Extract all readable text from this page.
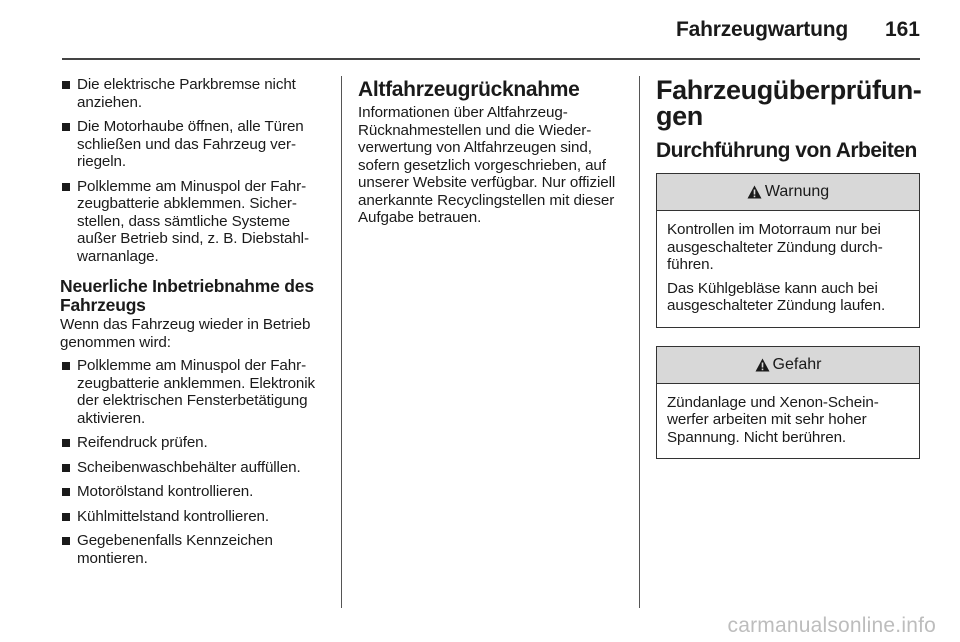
Fahrzeugwartung	161
Die elektrische Parkbremse nicht anziehen.
Die Motorhaube öffnen, alle Türen schließen und das Fahrzeug verriegeln.
Polklemme am Minuspol der Fahrzeugbatterie abklemmen. Sicherstellen, dass sämtliche Systeme außer Betrieb sind, z. B. Diebstahlwarnanlage.
Neuerliche Inbetriebnahme des Fahrzeugs

Wenn das Fahrzeug wieder in Betrieb genommen wird:

Polklemme am Minuspol der Fahrzeugbatterie anklemmen. Elektronik der elektrischen Fensterbetätigung aktivieren.
Reifendruck prüfen.
Scheibenwaschbehälter auffüllen.
Motorölstand kontrollieren.
Kühlmittelstand kontrollieren.
Gegebenenfalls Kennzeichen montieren.
Altfahrzeugrücknahme

Informationen über AltfahrzeugRücknahmestellen und die Wiederverwertung von Altfahrzeugen sind, sofern gesetzlich vorgeschrieben, auf unserer Website verfügbar. Nur offiziell anerkannte Recyclingstellen mit dieser Aufgabe betrauen.

Fahrzeugüberprüfungen
Durchführung von Arbeiten
Warnung

Kontrollen im Motorraum nur bei ausgeschalteter Zündung durchführen.

Das Kühlgebläse kann auch bei ausgeschalteter Zündung laufen.

Gefahr

Zündanlage und Xenon-Scheinwerfer arbeiten mit sehr hoher Spannung. Nicht berühren.

carmanualsonline.info
